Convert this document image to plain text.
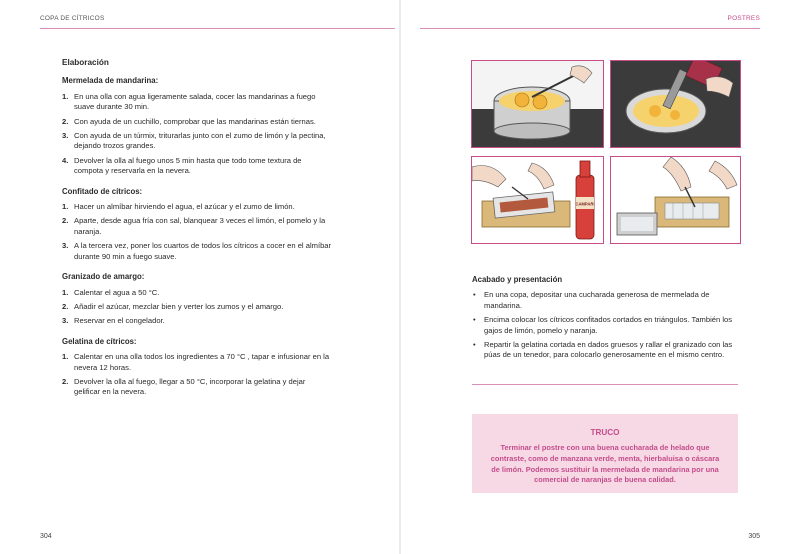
COPA DE CÍTRICOS	POSTRES
Elaboración
Mermelada de mandarina:
1. En una olla con agua ligeramente salada, cocer las mandarinas a fuego suave durante 30 min.
2. Con ayuda de un cuchillo, comprobar que las mandarinas están tiernas.
3. Con ayuda de un túrmix, triturarlas junto con el zumo de limón y la pectina, dejando trozos grandes.
4. Devolver la olla al fuego unos 5 min hasta que todo tome textura de compota y reservarla en la nevera.
Confitado de cítricos:
1. Hacer un almíbar hirviendo el agua, el azúcar y el zumo de limón.
2. Aparte, desde agua fría con sal, blanquear 3 veces el limón, el pomelo y la naranja.
3. A la tercera vez, poner los cuartos de todos los cítricos a cocer en el almíbar durante 90 min a fuego suave.
Granizado de amargo:
1. Calentar el agua a 50 °C.
2. Añadir el azúcar, mezclar bien y verter los zumos y el amargo.
3. Reservar en el congelador.
Gelatina de cítricos:
1. Calentar en una olla todos los ingredientes a 70 °C , tapar e infusionar en la nevera 12 horas.
2. Devolver la olla al fuego, llegar a 50 °C, incorporar la gelatina y dejar gelificar en la nevera.
CAMPARI
Acabado y presentación
• En una copa, depositar una cucharada generosa de mermelada de mandarina.
• Encima colocar los cítricos confitados cortados en triángulos. También los gajos de limón, pomelo y naranja.
• Repartir la gelatina cortada en dados gruesos y rallar el granizado con las púas de un tenedor, para colocarlo generosamente en el mismo centro.
TRUCO
Terminar el postre con una buena cucharada de helado que contraste, como de manzana verde, menta, hierbaluisa o cáscara de limón. Podemos sustituir la mermelada de mandarina por una comercial de naranjas de buena calidad.
304	305
